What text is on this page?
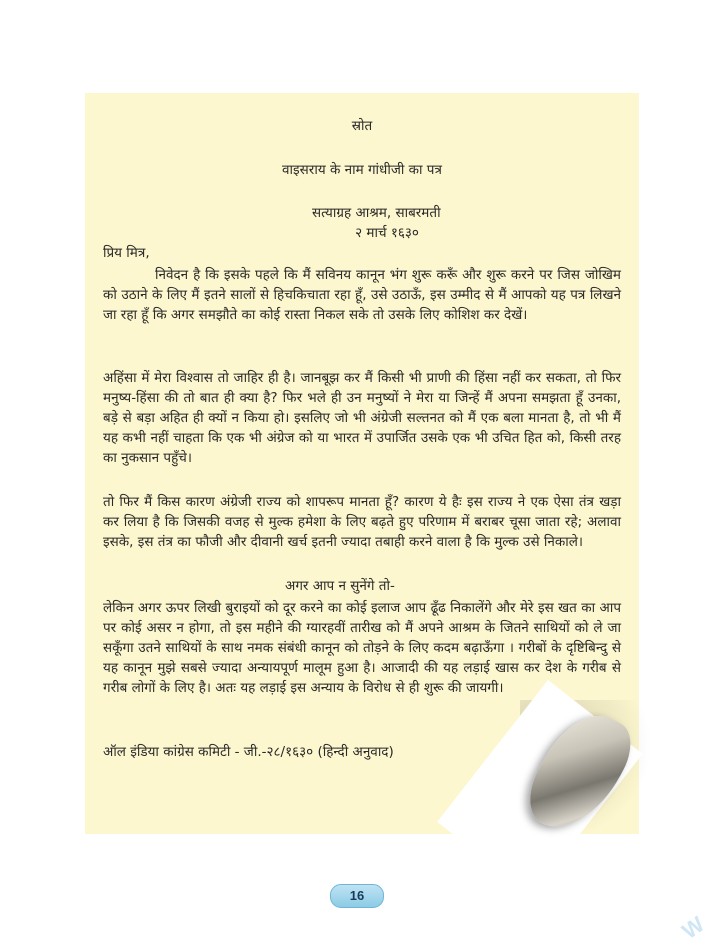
स्रोत
वाइसराय के नाम गांधीजी का पत्र
सत्याग्रह आश्रम, साबरमती
२ मार्च १६३०
प्रिय मित्र,
निवेदन है कि इसके पहले कि मैं सविनय कानून भंग शुरू करूँ और शुरू करने पर जिस जोखिम को उठाने के लिए मैं इतने सालों से हिचकिचाता रहा हूँ, उसे उठाऊँ, इस उम्मीद से मैं आपको यह पत्र लिखने जा रहा हूँ कि अगर समझौते का कोई रास्ता निकल सके तो उसके लिए कोशिश कर देखें।
अहिंसा में मेरा विश्वास तो जाहिर ही है। जानबूझ कर मैं किसी भी प्राणी की हिंसा नहीं कर सकता, तो फिर मनुष्य-हिंसा की तो बात ही क्या है? फिर भले ही उन मनुष्यों ने मेरा या जिन्हें मैं अपना समझता हूँ उनका, बड़े से बड़ा अहित ही क्यों न किया हो। इसलिए जो भी अंग्रेजी सल्तनत को मैं एक बला मानता है, तो भी मैं यह कभी नहीं चाहता कि एक भी अंग्रेज को या भारत में उपार्जित उसके एक भी उचित हित को, किसी तरह का नुकसान पहुँचे।
तो फिर मैं किस कारण अंग्रेजी राज्य को शापरूप मानता हूँ? कारण ये हैः इस राज्य ने एक ऐसा तंत्र खड़ा कर लिया है कि जिसकी वजह से मुल्क हमेशा के लिए बढ़ते हुए परिणाम में बराबर चूसा जाता रहे; अलावा इसके, इस तंत्र का फौजी और दीवानी खर्च इतनी ज्यादा तबाही करने वाला है कि मुल्क उसे निकाले।
अगर आप न सुनेंगे तो-
लेकिन अगर ऊपर लिखी बुराइयों को दूर करने का कोई इलाज आप ढूँढ निकालेंगे और मेरे इस खत का आप पर कोई असर न होगा, तो इस महीने की ग्यारहवीं तारीख को मैं अपने आश्रम के जितने साथियों को ले जा सकूँगा उतने साथियों के साथ नमक संबंधी कानून को तोड़ने के लिए कदम बढ़ाऊँगा । गरीबों के दृष्टिबिन्दु से यह कानून मुझे सबसे ज्यादा अन्यायपूर्ण मालूम हुआ है। आजादी की यह लड़ाई खास कर देश के गरीब से गरीब लोगों के लिए है। अतः यह लड़ाई इस अन्याय के विरोध से ही शुरू की जायगी।
ऑल इंडिया कांग्रेस कमिटी - जी.-२८/१६३० (हिन्दी अनुवाद)
16
W
